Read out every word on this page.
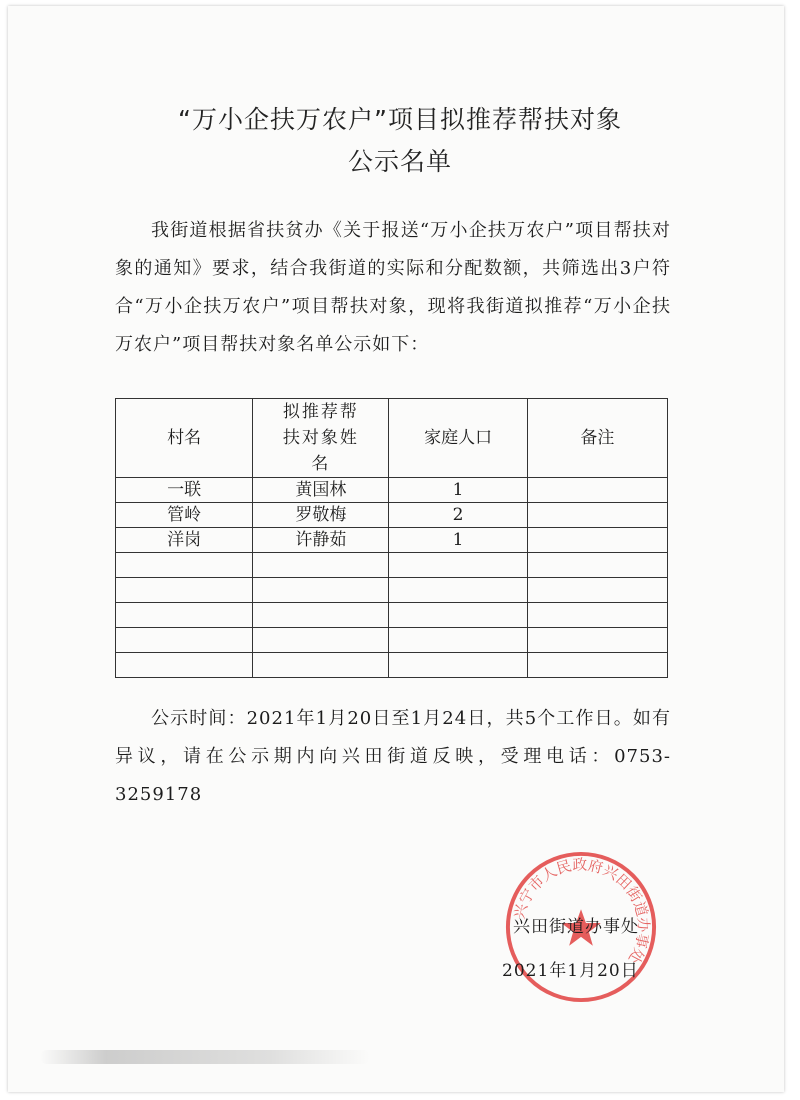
“万小企扶万农户”项目拟推荐帮扶对象
公示名单
我街道根据省扶贫办《关于报送“万小企扶万农户”项目帮扶对象的通知》要求，结合我街道的实际和分配数额，共筛选出3户符合“万小企扶万农户”项目帮扶对象，现将我街道拟推荐“万小企扶万农户”项目帮扶对象名单公示如下：
村名	拟推荐帮扶对象姓名	家庭人口	备注
一联	黄国林	1	
管岭	罗敬梅	2	
洋岗	许静茹	1	

公示时间：2021年1月20日至1月24日，共5个工作日。如有异议，请在公示期内向兴田街道反映，受理电话：0753-3259178
兴宁市人民政府兴田街道办事处
兴田街道办事处
2021年1月20日
